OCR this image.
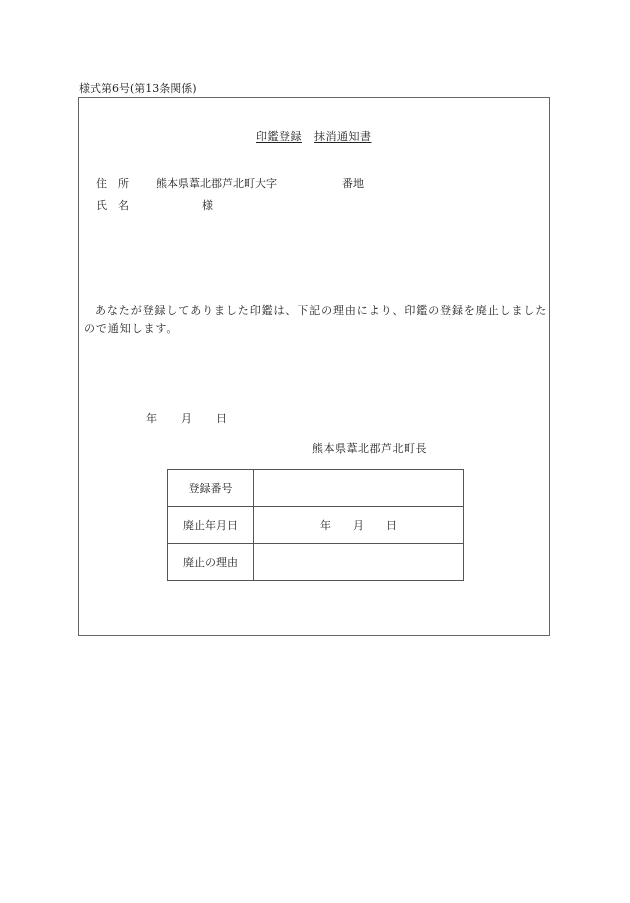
様式第6号(第13条関係)
印鑑登録 抹消通知書
住　所 熊本県葦北郡芦北町大字	番地
氏　名	様
あなたが登録してありました印鑑は、下記の理由により、印鑑の登録を廃止しましたので通知します。
年 月 日
熊本県葦北郡芦北町長
登録番号	
廃止年月日	年 月 日
廃止の理由	
